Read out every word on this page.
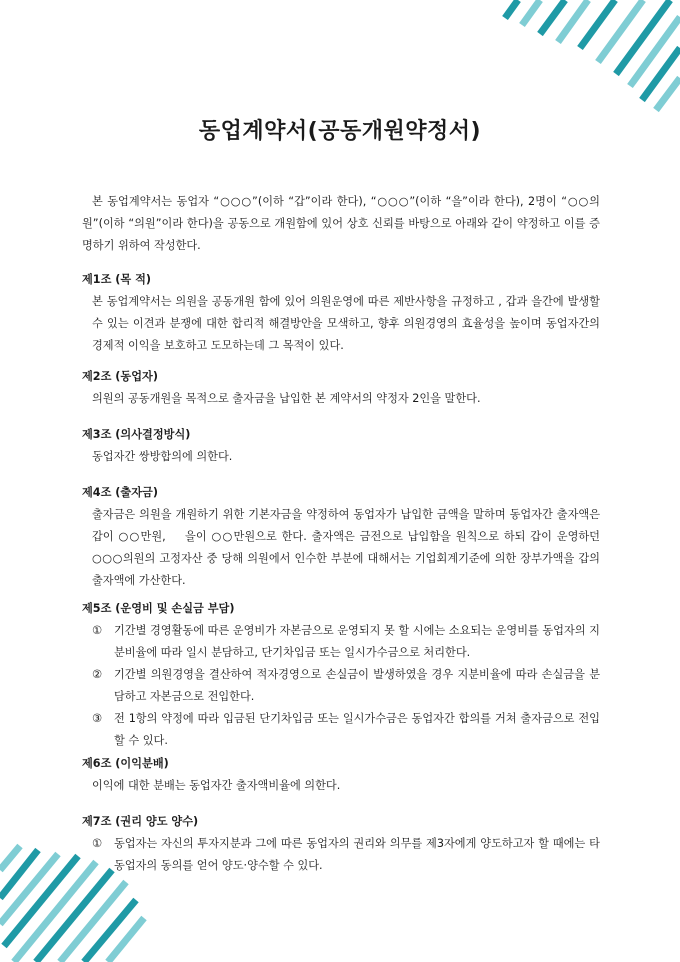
동업계약서(공동개원약정서)

본 동업계약서는 동업자 “○○○”(이하 “갑”이라 한다), “○○○”(이하 “을”이라 한다), 2명이 “○○의원”(이하 “의원”이라 한다)을 공동으로 개원함에 있어 상호 신뢰를 바탕으로 아래와 같이 약정하고 이를 증명하기 위하여 작성한다.

제1조 (목 적)

본 동업계약서는 의원을 공동개원 함에 있어 의원운영에 따른 제반사항을 규정하고 , 갑과 을간에 발생할 수 있는 이견과 분쟁에 대한 합리적 해결방안을 모색하고, 향후 의원경영의 효율성을 높이며 동업자간의 경제적 이익을 보호하고 도모하는데 그 목적이 있다.

제2조 (동업자)

의원의 공동개원을 목적으로 출자금을 납입한 본 계약서의 약정자 2인을 말한다.

제3조 (의사결정방식)

동업자간 쌍방합의에 의한다.

제4조 (출자금)

출자금은 의원을 개원하기 위한 기본자금을 약정하여 동업자가 납입한 금액을 말하며 동업자간 출자액은     갑이 ○○만원,    을이 ○○만원으로 한다. 출자액은 금전으로 납입함을 원칙으로 하되 갑이 운영하던 ○○○의원의 고정자산 중 당해 의원에서 인수한 부분에 대해서는 기업회계기준에 의한 장부가액을 갑의 출자액에 가산한다.

제5조 (운영비 및 손실금 부담)

①	기간별 경영활동에 따른 운영비가 자본금으로 운영되지 못 할 시에는 소요되는 운영비를 동업자의 지분비율에 따라 일시 분담하고, 단기차입금 또는 일시가수금으로 처리한다.
②	기간별 의원경영을 결산하여 적자경영으로 손실금이 발생하였을 경우 지분비율에 따라 손실금을 분담하고 자본금으로 전입한다.
③	전 1항의 약정에 따라 입금된 단기차입금 또는 일시가수금은 동업자간 합의를 거쳐 출자금으로 전입할 수 있다.

제6조 (이익분배)

이익에 대한 분배는 동업자간 출자액비율에 의한다.

제7조 (권리 양도 양수)

①	동업자는 자신의 투자지분과 그에 따른 동업자의 권리와 의무를 제3자에게 양도하고자 할 때에는 타 동업자의 동의를 얻어 양도·양수할 수 있다.
